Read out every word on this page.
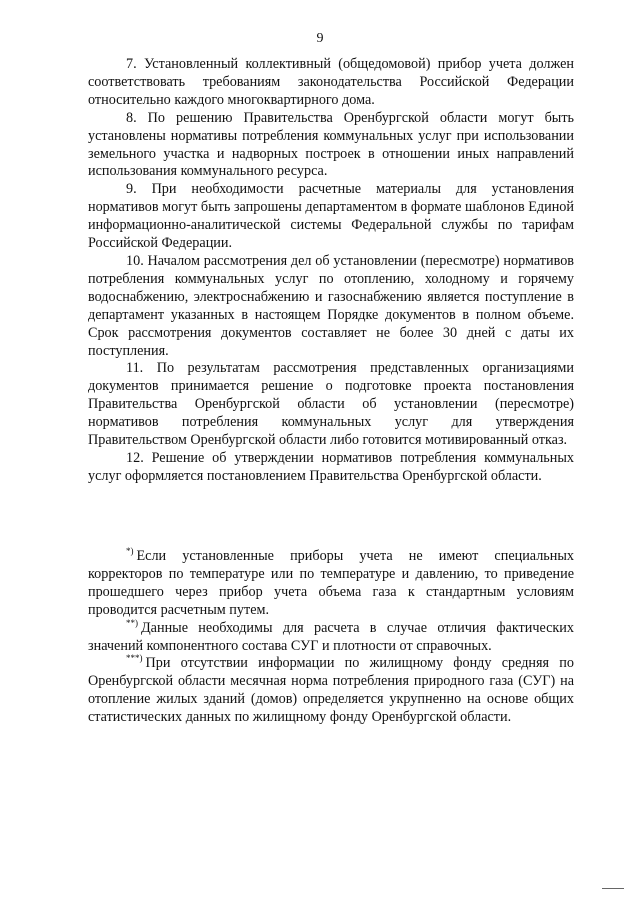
9

7. Установленный коллективный (общедомовой) прибор учета должен соответствовать требованиям законодательства Российской Федерации относительно каждого многоквартирного дома.

8. По решению Правительства Оренбургской области могут быть установлены нормативы потребления коммунальных услуг при использовании земельного участка и надворных построек в отношении иных направлений использования коммунального ресурса.

9. При необходимости расчетные материалы для установления нормативов могут быть запрошены департаментом в формате шаблонов Единой информационно-аналитической системы Федеральной службы по тарифам Российской Федерации.

10. Началом рассмотрения дел об установлении (пересмотре) нормативов потребления коммунальных услуг по отоплению, холодному и горячему водоснабжению, электроснабжению и газоснабжению является поступление в департамент указанных в настоящем Порядке документов в полном объеме. Срок рассмотрения документов составляет не более 30 дней с даты их поступления.

11. По результатам рассмотрения представленных организациями документов принимается решение о подготовке проекта постановления Правительства Оренбургской области об установлении (пересмотре) нормативов потребления коммунальных услуг для утверждения Правительством Оренбургской области либо готовится мотивированный отказ.

12. Решение об утверждении нормативов потребления коммунальных услуг оформляется постановлением Правительства Оренбургской области.

*) Если установленные приборы учета не имеют специальных корректоров по температуре или по температуре и давлению, то приведение прошедшего через прибор учета объема газа к стандартным условиям проводится расчетным путем.

**) Данные необходимы для расчета в случае отличия фактических значений компонентного состава СУГ и плотности от справочных.

***) При отсутствии информации по жилищному фонду средняя по Оренбургской области месячная норма потребления природного газа (СУГ) на отопление жилых зданий (домов) определяется укрупненно на основе общих статистических данных по жилищному фонду Оренбургской области.
